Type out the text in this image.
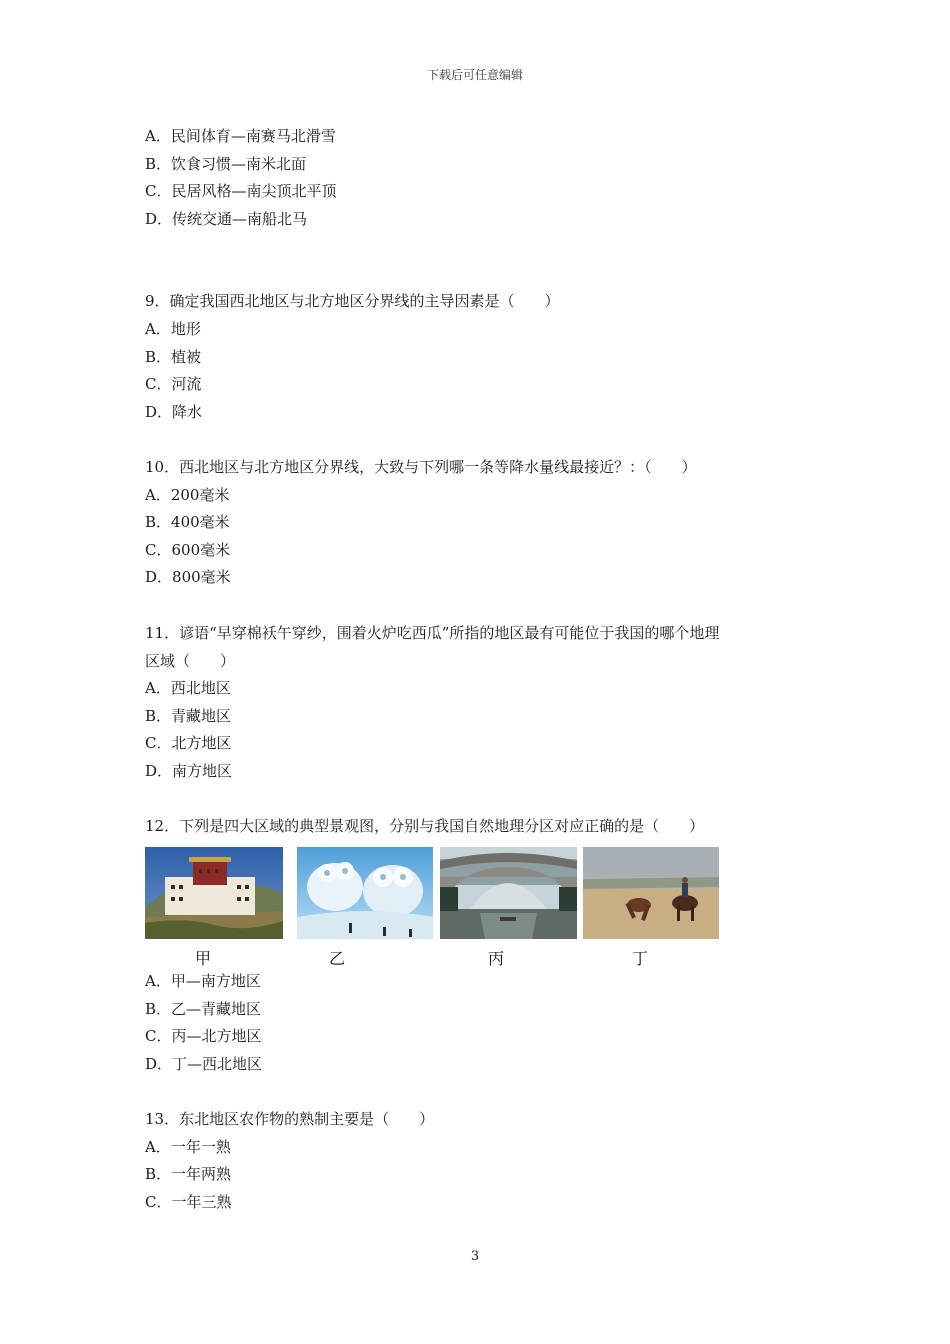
下载后可任意编辑
A．民间体育—南赛马北滑雪
B．饮食习惯—南米北面
C．民居风格—南尖顶北平顶
D．传统交通—南船北马
9．确定我国西北地区与北方地区分界线的主导因素是（　　）
A．地形
B．植被
C．河流
D．降水
10．西北地区与北方地区分界线，大致与下列哪一条等降水量线最接近？：（　　）
A．200毫米
B．400毫米
C．600毫米
D．800毫米
11．谚语“早穿棉袄午穿纱，围着火炉吃西瓜”所指的地区最有可能位于我国的哪个地理
区域（　　）
A．西北地区
B．青藏地区
C．北方地区
D．南方地区
12．下列是四大区域的典型景观图，分别与我国自然地理分区对应正确的是（　　）
甲	乙	丙	丁
A．甲—南方地区
B．乙—青藏地区
C．丙—北方地区
D．丁—西北地区
13．东北地区农作物的熟制主要是（　　）
A．一年一熟
B．一年两熟
C．一年三熟
3
